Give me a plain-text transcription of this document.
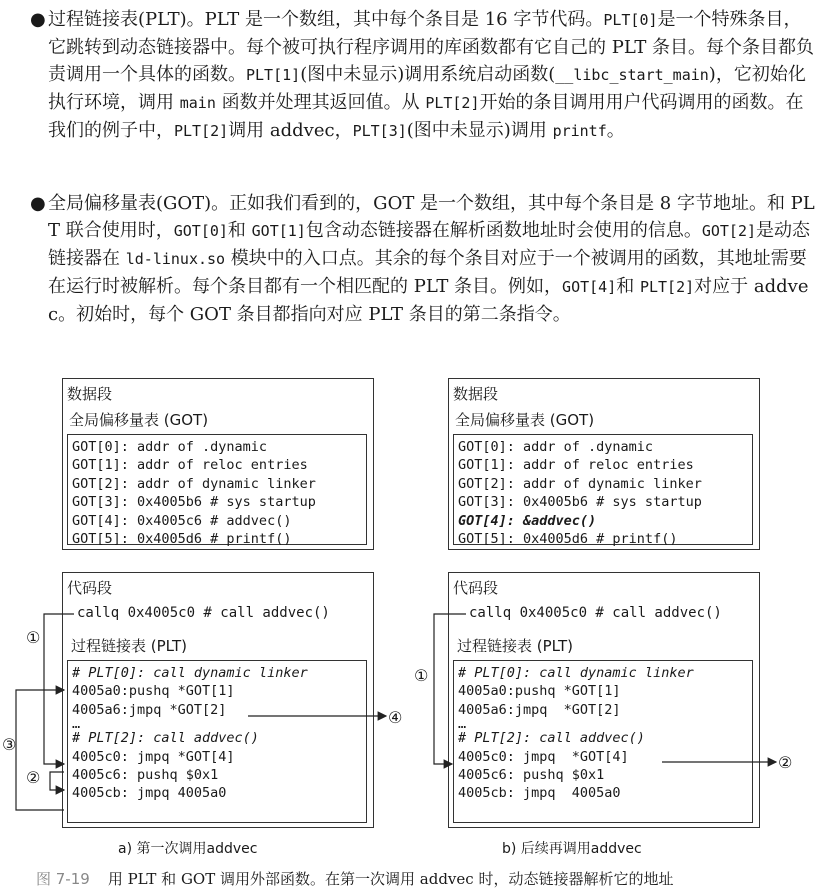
● 过程链接表(PLT)。PLT 是一个数组，其中每个条目是 16 字节代码。PLT[0]是一个特殊条目，它跳转到动态链接器中。每个被可执行程序调用的库函数都有它自己的 PLT 条目。每个条目都负责调用一个具体的函数。PLT[1](图中未显示)调用系统启动函数(__libc_start_main)，它初始化执行环境，调用 main 函数并处理其返回值。从 PLT[2]开始的条目调用用户代码调用的函数。在我们的例子中，PLT[2]调用 addvec，PLT[3](图中未显示)调用 printf。
● 全局偏移量表(GOT)。正如我们看到的，GOT 是一个数组，其中每个条目是 8 字节地址。和 PLT 联合使用时，GOT[0]和 GOT[1]包含动态链接器在解析函数地址时会使用的信息。GOT[2]是动态链接器在 ld-linux.so 模块中的入口点。其余的每个条目对应于一个被调用的函数，其地址需要在运行时被解析。每个条目都有一个相匹配的 PLT 条目。例如，GOT[4]和 PLT[2]对应于 addvec。初始时，每个 GOT 条目都指向对应 PLT 条目的第二条指令。
数据段
全局偏移量表 (GOT)
GOT[0]: addr of .dynamic
GOT[1]: addr of reloc entries
GOT[2]: addr of dynamic linker
GOT[3]: 0x4005b6 # sys startup
GOT[4]: 0x4005c6 # addvec()
GOT[5]: 0x4005d6 # printf()
代码段
callq 0x4005c0 # call addvec()
过程链接表 (PLT)
# PLT[0]: call dynamic linker
4005a0:pushq *GOT[1]
4005a6:jmpq *GOT[2]
…
# PLT[2]: call addvec()
4005c0: jmpq *GOT[4]
4005c6: pushq $0x1
4005cb: jmpq 4005a0
①
②
③
④
a) 第一次调用addvec
数据段
全局偏移量表 (GOT)
GOT[0]: addr of .dynamic
GOT[1]: addr of reloc entries
GOT[2]: addr of dynamic linker
GOT[3]: 0x4005b6 # sys startup
GOT[4]: &addvec()
GOT[5]: 0x4005d6 # printf()
代码段
callq 0x4005c0 # call addvec()
过程链接表 (PLT)
# PLT[0]: call dynamic linker
4005a0:pushq *GOT[1]
4005a6:jmpq  *GOT[2]
…
# PLT[2]: call addvec()
4005c0: jmpq  *GOT[4]
4005c6: pushq $0x1
4005cb: jmpq  4005a0
①
②
b) 后续再调用addvec
图 7-19 用 PLT 和 GOT 调用外部函数。在第一次调用 addvec 时，动态链接器解析它的地址
